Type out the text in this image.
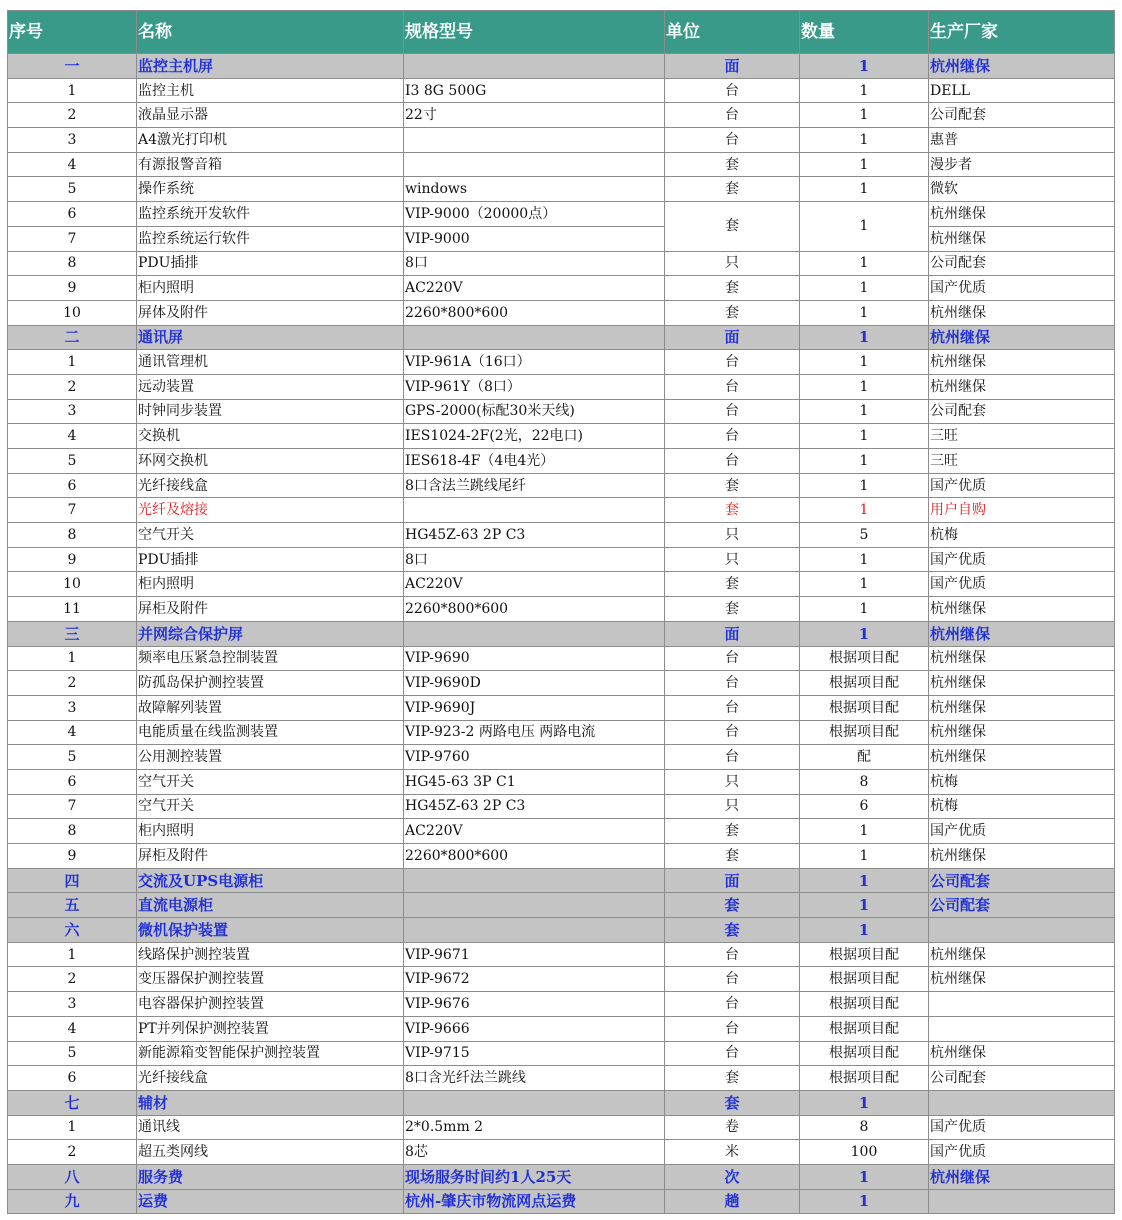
序号	名称	规格型号	单位	数量	生产厂家
一	监控主机屏		面	1	杭州继保
1	监控主机	I3 8G 500G	台	1	DELL
2	液晶显示器	22寸	台	1	公司配套
3	A4激光打印机		台	1	惠普
4	有源报警音箱		套	1	漫步者
5	操作系统	windows	套	1	微软
6	监控系统开发软件	VIP-9000（20000点）	套	1	杭州继保
7	监控系统运行软件	VIP-9000			杭州继保
8	PDU插排	8口	只	1	公司配套
9	柜内照明	AC220V	套	1	国产优质
10	屏体及附件	2260*800*600	套	1	杭州继保
二	通讯屏		面	1	杭州继保
1	通讯管理机	VIP-961A（16口）	台	1	杭州继保
2	远动装置	VIP-961Y（8口）	台	1	杭州继保
3	时钟同步装置	GPS-2000(标配30米天线)	台	1	公司配套
4	交换机	IES1024-2F(2光，22电口)	台	1	三旺
5	环网交换机	IES618-4F（4电4光）	台	1	三旺
6	光纤接线盒	8口含法兰跳线尾纤	套	1	国产优质
7	光纤及熔接		套	1	用户自购
8	空气开关	HG45Z-63 2P C3	只	5	杭梅
9	PDU插排	8口	只	1	国产优质
10	柜内照明	AC220V	套	1	国产优质
11	屏柜及附件	2260*800*600	套	1	杭州继保
三	并网综合保护屏		面	1	杭州继保
1	频率电压紧急控制装置	VIP-9690	台	根据项目配	杭州继保
2	防孤岛保护测控装置	VIP-9690D	台	根据项目配	杭州继保
3	故障解列装置	VIP-9690J	台	根据项目配	杭州继保
4	电能质量在线监测装置	VIP-923-2 两路电压 两路电流	台	根据项目配	杭州继保
5	公用测控装置	VIP-9760	台	配	杭州继保
6	空气开关	HG45-63 3P C1	只	8	杭梅
7	空气开关	HG45Z-63 2P C3	只	6	杭梅
8	柜内照明	AC220V	套	1	国产优质
9	屏柜及附件	2260*800*600	套	1	杭州继保
四	交流及UPS电源柜		面	1	公司配套
五	直流电源柜		套	1	公司配套
六	微机保护装置		套	1	
1	线路保护测控装置	VIP-9671	台	根据项目配	杭州继保
2	变压器保护测控装置	VIP-9672	台	根据项目配	杭州继保
3	电容器保护测控装置	VIP-9676	台	根据项目配	
4	PT并列保护测控装置	VIP-9666	台	根据项目配	
5	新能源箱变智能保护测控装置	VIP-9715	台	根据项目配	杭州继保
6	光纤接线盒	8口含光纤法兰跳线	套	根据项目配	公司配套
七	辅材		套	1	
1	通讯线	2*0.5mm 2	卷	8	国产优质
2	超五类网线	8芯	米	100	国产优质
八	服务费	现场服务时间约1人25天	次	1	杭州继保
九	运费	杭州-肇庆市物流网点运费	趟	1	
